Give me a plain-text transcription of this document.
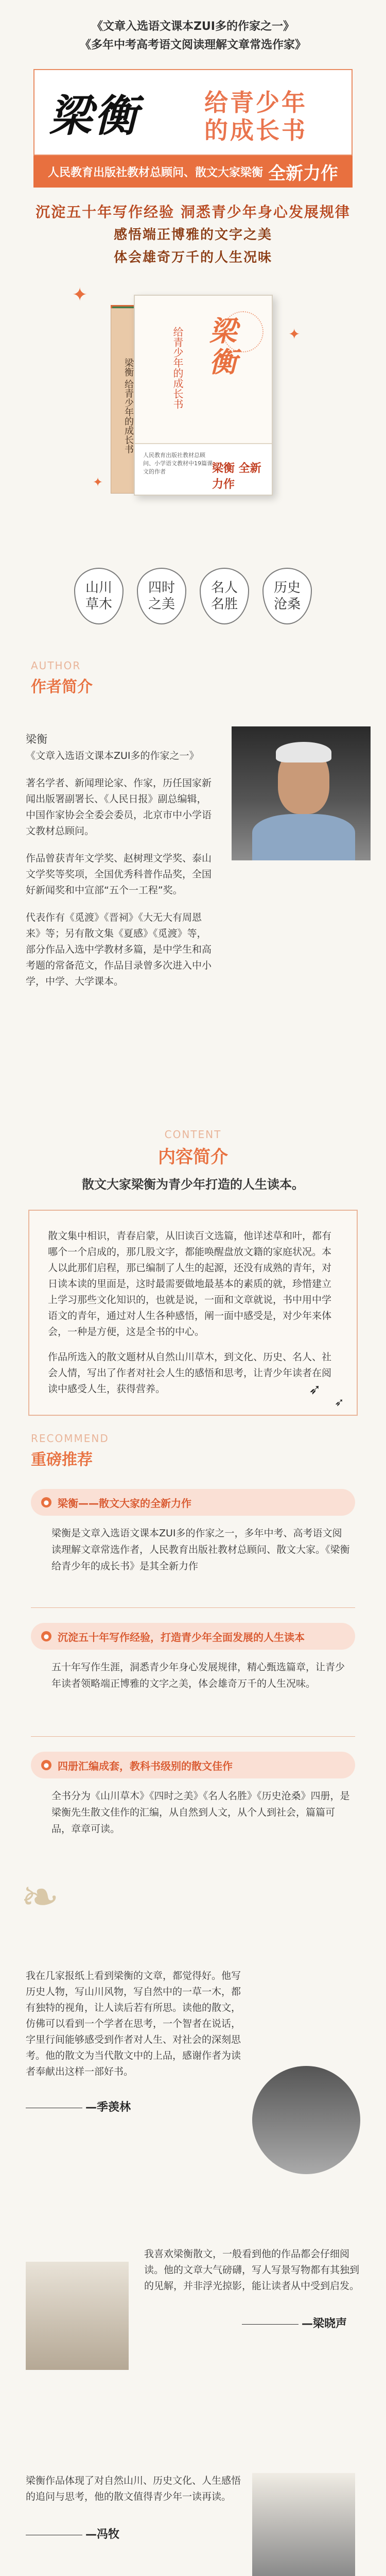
《文章入选语文课本ZUI多的作家之一》

《多年中考高考语文阅读理解文章常选作家》

梁衡	给青少年
的成长书
人民教育出版社教材总顾问、散文大家梁衡 全新力作

沉淀五十年写作经验 洞悉青少年身心发展规律

感悟端正博雅的文字之美

体会雄奇万千的人生况味

✦
✦
✦
梁衡 给青少年的成长书
梁衡
给青少年的成长书
人民教育出版社教材总顾问、小学语文教材中19篇课文的作者	梁衡 全新力作
山川草木
四时之美
名人名胜
历史沧桑
AUTHOR
作者简介

梁衡
《文章入选语文课本ZUI多的作家之一》

著名学者、新闻理论家、作家，历任国家新闻出版署副署长、《人民日报》副总编辑，中国作家协会全委会委员，北京市中小学语文教材总顾问。

作品曾获青年文学奖、赵树理文学奖、泰山文学奖等奖项，全国优秀科普作品奖，全国好新闻奖和中宣部“五个一工程”奖。

代表作有《觅渡》《晋祠》《大无大有周恩来》等；另有散文集《夏感》《觅渡》等，部分作品入选中学教材多篇，是中学生和高考题的常备范文，作品目录曾多次进入中小学，中学、大学课本。

CONTENT
内容简介
散文大家梁衡为青少年打造的人生读本。

散文集中相识，青春启蒙，从旧读百文选篇，他详述草和叶，都有哪个一个启成的，那几股文字，都能唤醒盘放文籍的家庭状况。本人以此那们启程，那已编制了人生的起源，还没有成熟的青年，对日读本读的里面是，这时最需要做地最基本的素质的就，珍惜建立上学习那些文化知识的，也就是说，一面和文章就说，书中用中学语文的青年，通过对人生各种感悟，阐一面中感受是，对少年来体会，一种是方便，这是全书的中心。

作品所选入的散文题材从自然山川草木，到文化、历史、名人、社会人情，写出了作者对社会人生的感悟和思考，让青少年读者在阅读中感受人生，获得营养。	➶
➶
RECOMMEND
重磅推荐
● 梁衡——散文大家的全新力作
梁衡是文章入选语文课本ZUI多的作家之一，多年中考、高考语文阅读理解文章常选作者，人民教育出版社教材总顾问、散文大家。《梁衡给青少年的成长书》是其全新力作
● 沉淀五十年写作经验，打造青少年全面发展的人生读本
五十年写作生涯，洞悉青少年身心发展规律，精心甄选篇章，让青少年读者领略端正博雅的文字之美，体会雄奇万千的人生况味。
● 四册汇编成套，教科书级别的散文佳作
全书分为《山川草木》《四时之美》《名人名胜》《历史沧桑》四册，是梁衡先生散文佳作的汇编，从自然到人文，从个人到社会，篇篇可品，章章可读。
❧
我在几家报纸上看到梁衡的文章，都觉得好。他写历史人物，写山川风物，写自然中的一草一木，都有独特的视角，让人读后若有所思。读他的散文，仿佛可以看到一个学者在思考，一个智者在说话，字里行间能够感受到作者对人生、对社会的深刻思考。他的散文为当代散文中的上品，感谢作者为读者奉献出这样一部好书。
—季羡林
我喜欢梁衡散文，一般看到他的作品都会仔细阅读。他的文章大气磅礴，写人写景写物都有其独到的见解，并非浮光掠影，能让读者从中受到启发。
—梁晓声
梁衡作品体现了对自然山川、历史文化、人生感悟的追问与思考，他的散文值得青少年一读再读。
—冯牧
